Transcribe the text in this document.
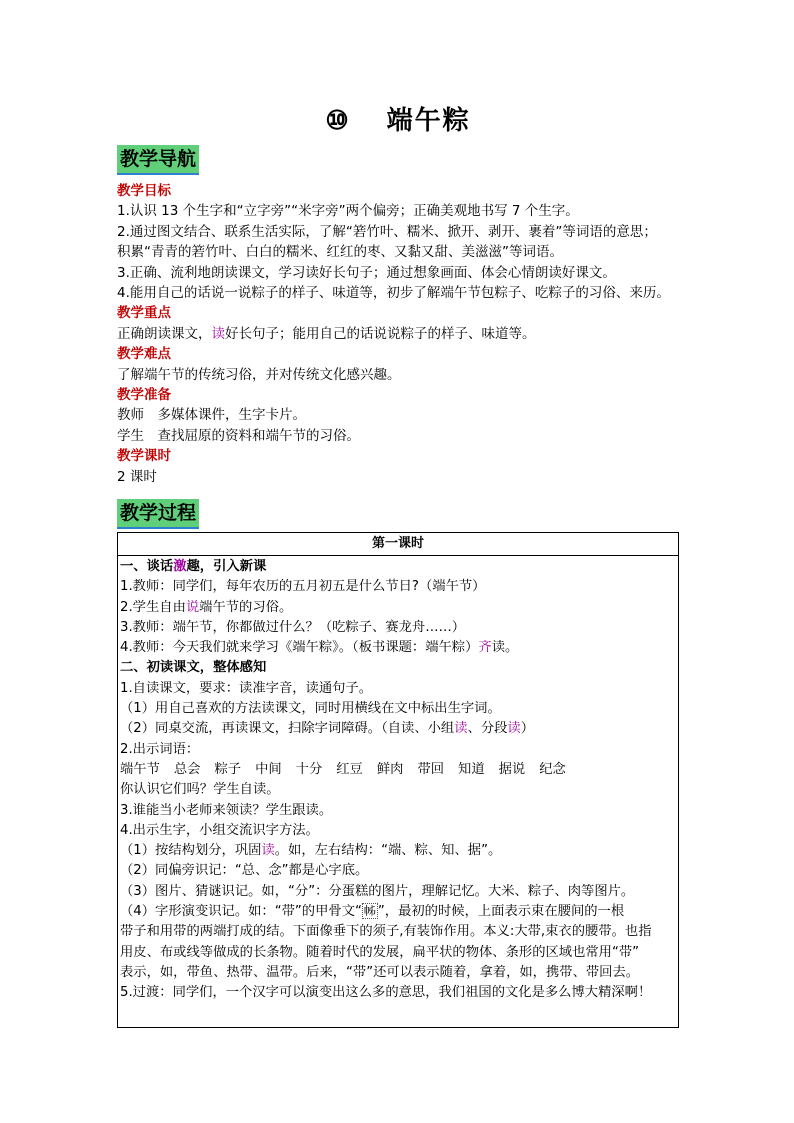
⑩ 端午粽
教学导航
教学目标
1.认识 13 个生字和“立字旁”“米字旁”两个偏旁；正确美观地书写 7 个生字。
2.通过图文结合、联系生活实际，了解“箬竹叶、糯米、掀开、剥开、裹着”等词语的意思；
积累“青青的箬竹叶、白白的糯米、红红的枣、又黏又甜、美滋滋”等词语。
3.正确、流利地朗读课文，学习读好长句子；通过想象画面、体会心情朗读好课文。
4.能用自己的话说一说粽子的样子、味道等，初步了解端午节包粽子、吃粽子的习俗、来历。
教学重点
正确朗读课文，读好长句子；能用自己的话说说粽子的样子、味道等。
教学难点
了解端午节的传统习俗，并对传统文化感兴趣。
教学准备
教师　多媒体课件，生字卡片。
学生　查找屈原的资料和端午节的习俗。
教学课时
2 课时
教学过程
第一课时
一、谈话激趣，引入新课
1.教师：同学们，每年农历的五月初五是什么节日?（端午节）
2.学生自由说端午节的习俗。
3.教师：端午节，你都做过什么？（吃粽子、赛龙舟……）
4.教师：今天我们就来学习《端午粽》。（板书课题：端午粽）齐读。
二、初读课文，整体感知
1.自读课文，要求：读准字音，读通句子。
（1）用自己喜欢的方法读课文，同时用横线在文中标出生字词。
（2）同桌交流，再读课文，扫除字词障碍。（自读、小组读、分段读）
2.出示词语：
端午节 总会 粽子 中间 十分 红豆 鲜肉 带回 知道 据说 纪念
你认识它们吗？学生自读。
3.谁能当小老师来领读？学生跟读。
4.出示生字，小组交流识字方法。
（1）按结构划分，巩固读。如，左右结构：“端、粽、知、据”。
（2）同偏旁识记：“总、念”都是心字底。
（3）图片、猜谜识记。如，“分”：分蛋糕的图片，理解记忆。大米、粽子、肉等图片。
（4）字形演变识记。如：“带”的甲骨文“ 𢂍 ”，最初的时候，上面表示束在腰间的一根
带子和用带的两端打成的结。下面像垂下的须子,有装饰作用。本义:大带,束衣的腰带。也指
用皮、布或线等做成的长条物。随着时代的发展，扁平状的物体、条形的区域也常用“带”
表示，如，带鱼、热带、温带。后来，“带”还可以表示随着，拿着，如，携带、带回去。
5.过渡：同学们，一个汉字可以演变出这么多的意思，我们祖国的文化是多么博大精深啊！
